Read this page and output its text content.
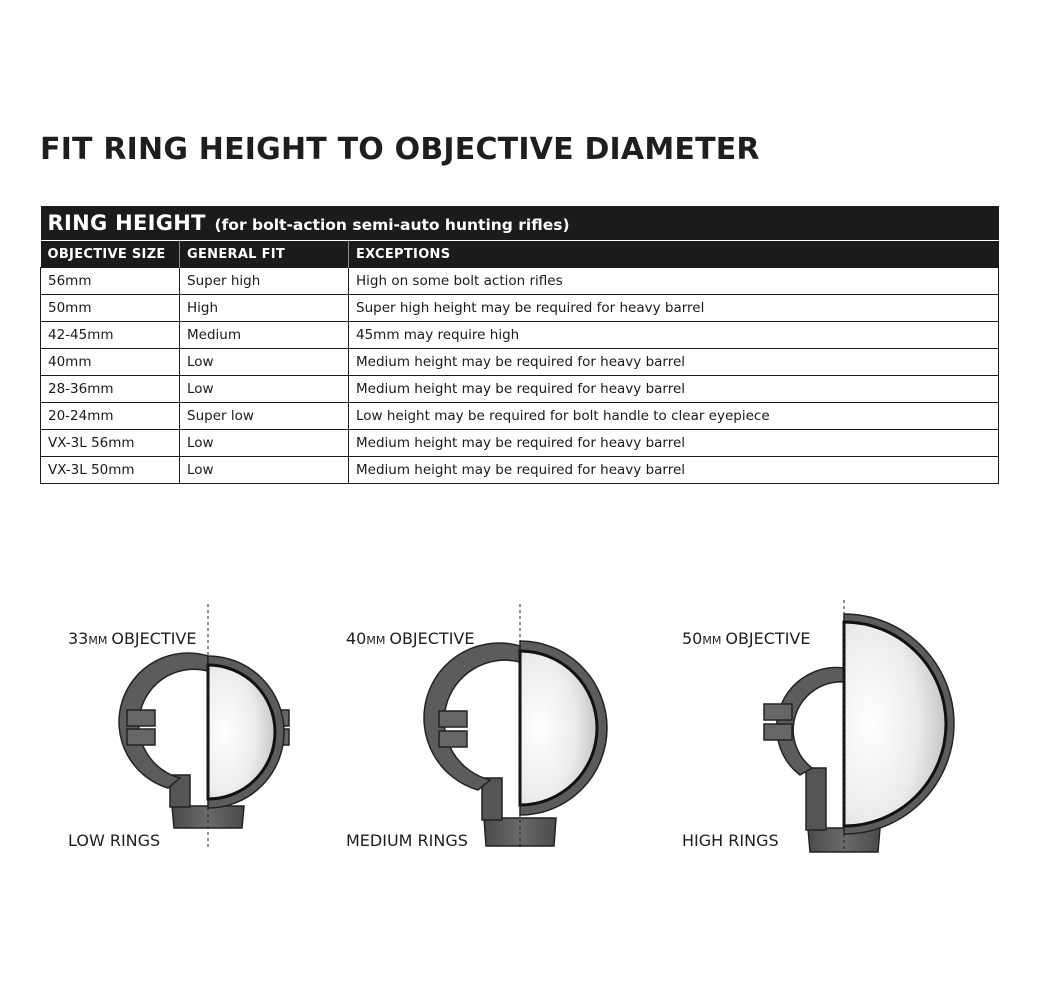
FIT RING HEIGHT TO OBJECTIVE DIAMETER
RING HEIGHT (for bolt-action semi-auto hunting rifles)		
OBJECTIVE SIZE	GENERAL FIT	EXCEPTIONS
56mm	Super high	High on some bolt action rifles
50mm	High	Super high height may be required for heavy barrel
42-45mm	Medium	45mm may require high
40mm	Low	Medium height may be required for heavy barrel
28-36mm	Low	Medium height may be required for heavy barrel
20-24mm	Super low	Low height may be required for bolt handle to clear eyepiece
VX-3L 56mm	Low	Medium height may be required for heavy barrel
VX-3L 50mm	Low	Medium height may be required for heavy barrel
33MM OBJECTIVE
LOW RINGS
40MM OBJECTIVE
MEDIUM RINGS
50MM OBJECTIVE
HIGH RINGS
